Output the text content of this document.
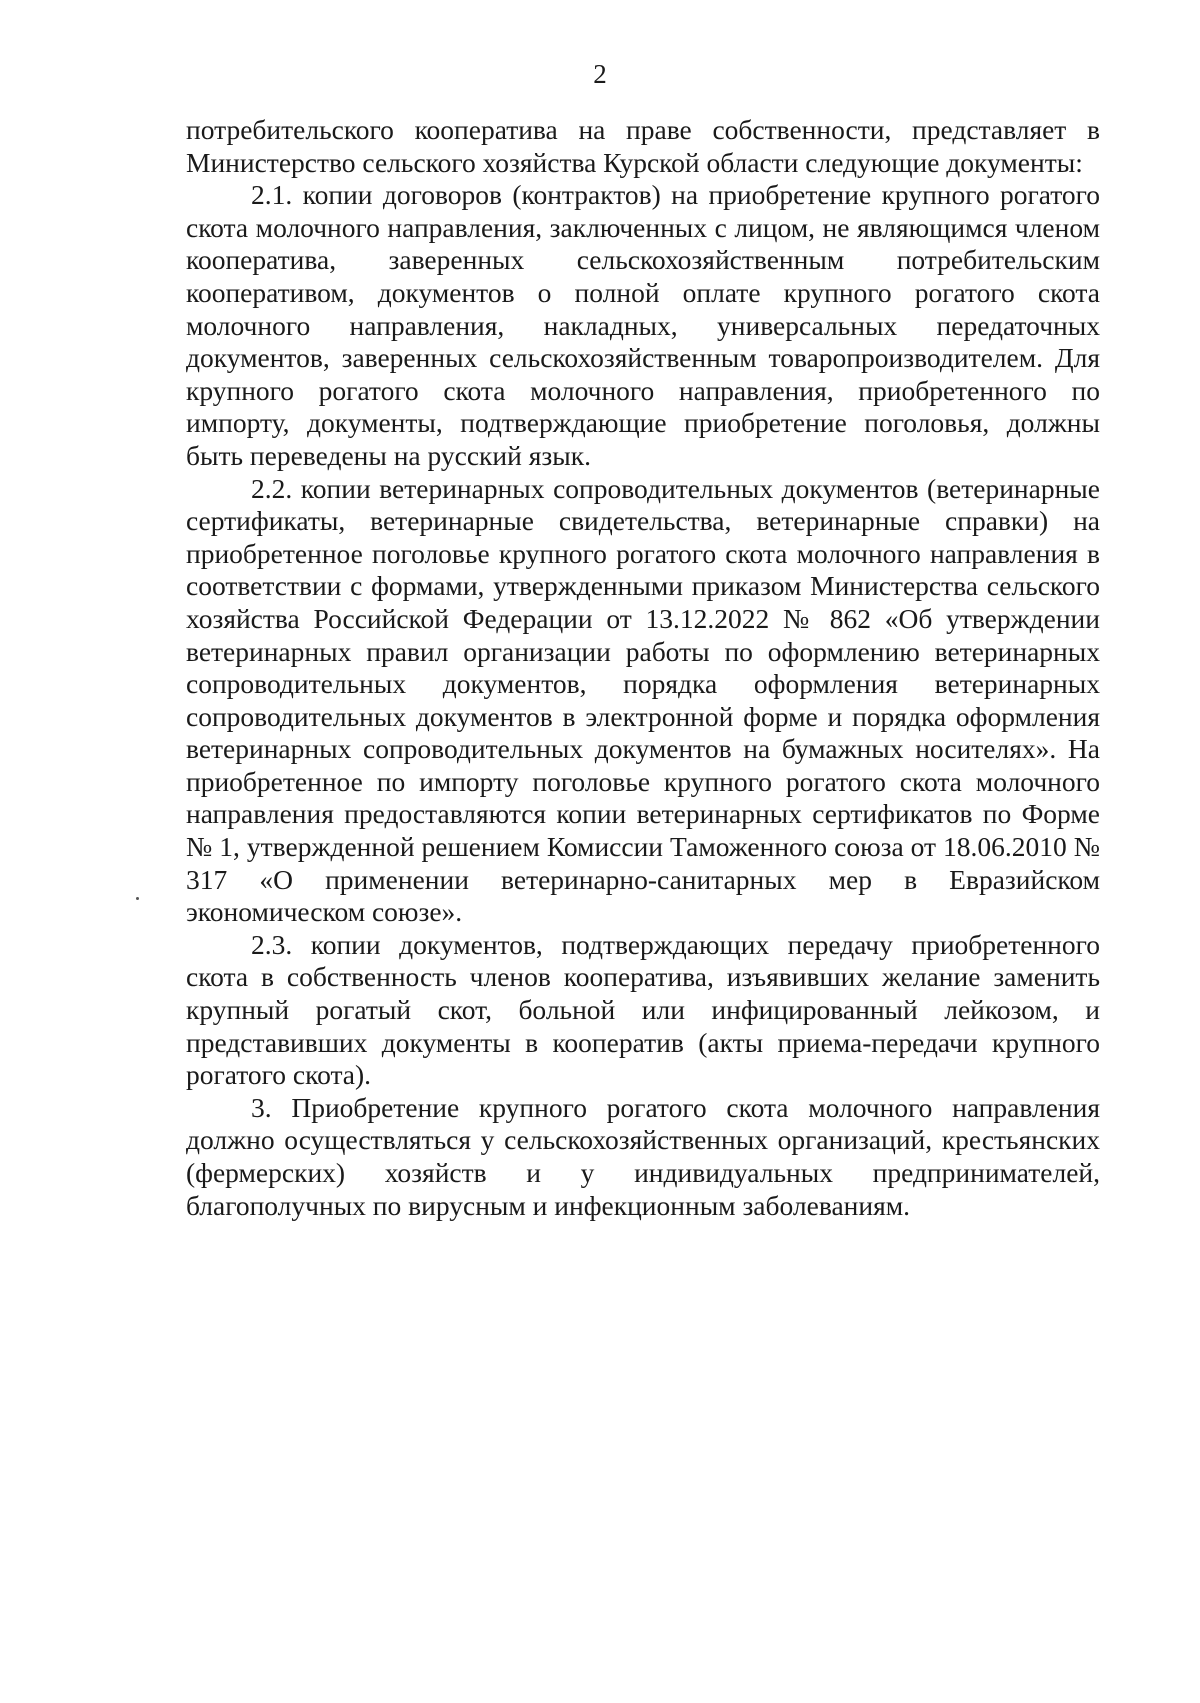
2

потребительского кооператива на праве собственности, представляет в Министерство сельского хозяйства Курской области следующие документы:

2.1. копии договоров (контрактов) на приобретение крупного рогатого скота молочного направления, заключенных с лицом, не являющимся членом кооператива, заверенных сельскохозяйственным потребительским кооперативом, документов о полной оплате крупного рогатого скота молочного направления, накладных, универсальных передаточных документов, заверенных сельскохозяйственным товаропроизводителем. Для крупного рогатого скота молочного направления, приобретенного по импорту, документы, подтверждающие приобретение поголовья, должны быть переведены на русский язык.

2.2. копии ветеринарных сопроводительных документов (ветеринарные сертификаты, ветеринарные свидетельства, ветеринарные справки) на приобретенное поголовье крупного рогатого скота молочного направления в соответствии с формами, утвержденными приказом Министерства сельского хозяйства Российской Федерации от 13.12.2022 № 862 «Об утверждении ветеринарных правил организации работы по оформлению ветеринарных сопроводительных документов, порядка оформления ветеринарных сопроводительных документов в электронной форме и порядка оформления ветеринарных сопроводительных документов на бумажных носителях». На приобретенное по импорту поголовье крупного рогатого скота молочного направления предоставляются копии ветеринарных сертификатов по Форме № 1, утвержденной решением Комиссии Таможенного союза от 18.06.2010 № 317 «О применении ветеринарно-санитарных мер в Евразийском экономическом союзе».

2.3. копии документов, подтверждающих передачу приобретенного скота в собственность членов кооператива, изъявивших желание заменить крупный рогатый скот, больной или инфицированный лейкозом, и представивших документы в кооператив (акты приема-передачи крупного рогатого скота).

3. Приобретение крупного рогатого скота молочного направления должно осуществляться у сельскохозяйственных организаций, крестьянских (фермерских) хозяйств и у индивидуальных предпринимателей, благополучных по вирусным и инфекционным заболеваниям.
